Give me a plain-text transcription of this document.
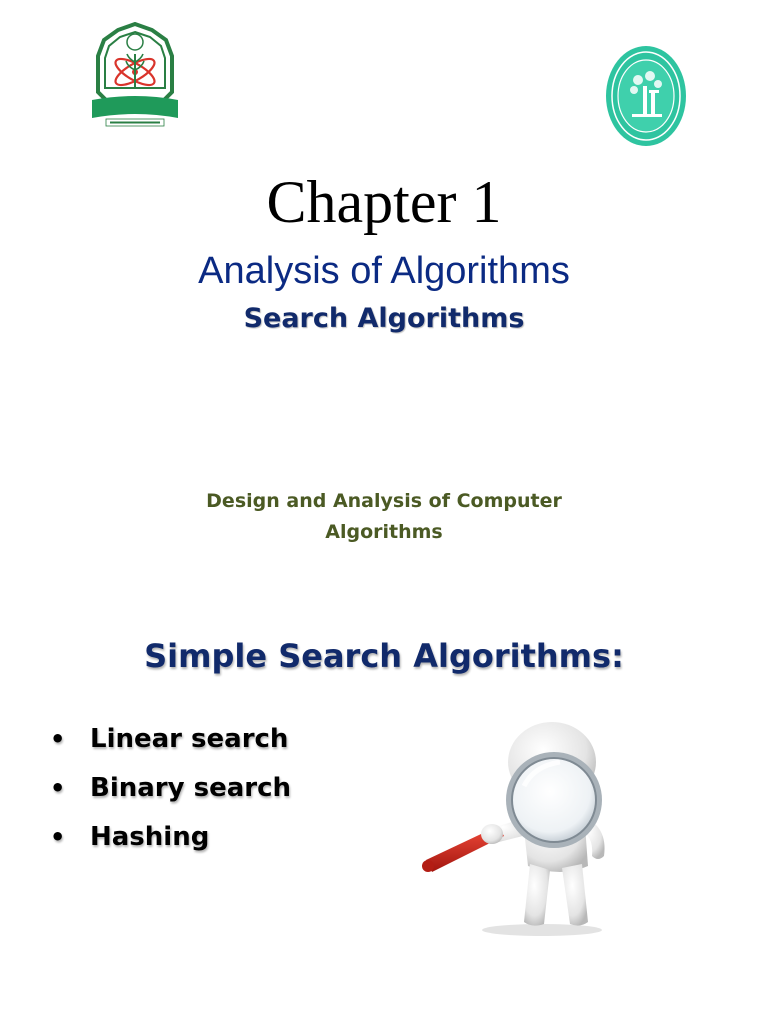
Chapter 1
Analysis of Algorithms
Search Algorithms
Design and Analysis of Computer
Algorithms
Simple Search Algorithms:
• Linear search
• Binary search
• Hashing
